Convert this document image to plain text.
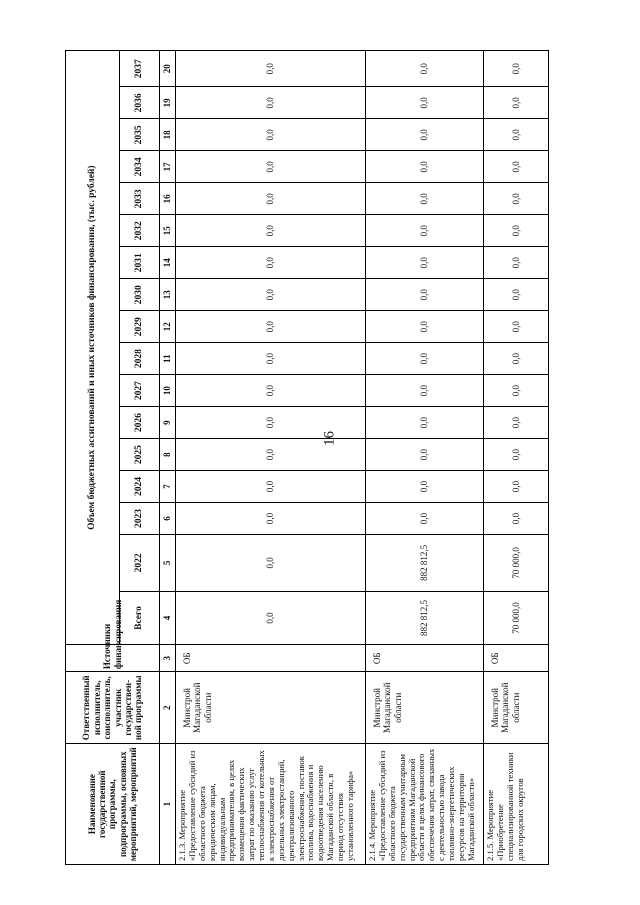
16
Наименование государственной программы, подпрограммы, основных мероприятий, мероприятий	Ответственный исполнитель, соисполнитель, участник государствен-ной программы	Источники финансирования	Объем бюджетных ассигнований и иных источников финансирования, (тыс. рублей)																
			Всего	2022	2023	2024	2025	2026	2027	2028	2029	2030	2031	2032	2033	2034	2035	2036	2037
1	2	3	4	5	6	7	8	9	10	11	12	13	14	15	16	17	18	19	20
2.1.3. Мероприятие «Предоставление субсидий из областного бюджета юридическим лицам, индивидуальным предпринимателям, в целях возмещения фактических затрат по оказанию услуг теплоснабжения от котельных к электроснабжения от дизельных электростанций, централизованного электроснабжения, поставок топлива, водоснабжения и водоотведения населению Магаданской области, в период отсутствия установленного тарифа»	Минстрой Магаданской области	ОБ	0,0	0,0	0,0	0,0	0,0	0,0	0,0	0,0	0,0	0,0	0,0	0,0	0,0	0,0	0,0	0,0	0,0
2.1.4. Мероприятие «Предоставление субсидий из областного бюджета государственным унитарным предприятиям Магаданской области в целях финансового обеспечения затрат, связанных с деятельностью завода топливно-энергетических ресурсов на территории Магаданской области»	Минстрой Магаданской области	ОБ	882 812,5	882 812,5	0,0	0,0	0,0	0,0	0,0	0,0	0,0	0,0	0,0	0,0	0,0	0,0	0,0	0,0	0,0
2.1.5. Мероприятие «Приобретение специализированной техники для городских округов	Минстрой Магаданской области	ОБ	70 000,0	70 000,0	0,0	0,0	0,0	0,0	0,0	0,0	0,0	0,0	0,0	0,0	0,0	0,0	0,0	0,0	0,0
